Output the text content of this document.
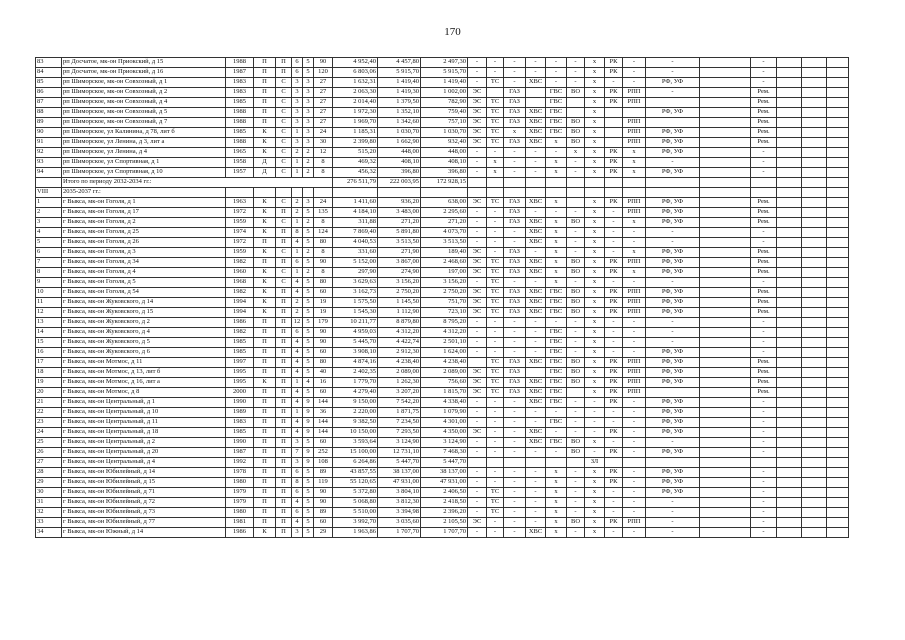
170
83	рп Досчатое, мк-он Приокский, д 15	1988	П	П	6	5	90	4 952,40	4 457,80	2 497,30	-	-	-	-	-	-	х	РК	-	-		-			
84	рп Досчатое, мк-он Приокский, д 16	1987	П	П	6	5	120	6 803,06	5 915,70	5 915,70	-	-	-	-	-	-	х	РК	-	-		-			
85	рп Шиморское, мк-он Совхозный, д 1	1983	П	С	3	3	27	1 632,31	1 419,40	1 419,40	-	ТС	-	ХВС	-	-	х	-	-	РФ, УФ		-			
86	рп Шиморское, мк-он Совхозный, д 2	1983	П	С	3	3	27	2 063,30	1 419,30	1 002,00	ЭС		ГАЗ		ГВС	ВО	х	РК	РПП	-		Рем.			
87	рп Шиморское, мк-он Совхозный, д 4	1985	П	С	3	3	27	2 014,40	1 379,50	782,90	ЭС	ТС	ГАЗ		ГВС		х	РК	РПП			Рем.			
88	рп Шиморское, мк-он Совхозный, д 5	1988	П	С	3	3	27	1 972,30	1 352,10	759,40	ЭС	ТС	ГАЗ	ХВС	ГВС		х			РФ, УФ		Рем.			
89	рп Шиморское, мк-он Совхозный, д 7	1988	П	С	3	3	27	1 969,70	1 342,60	757,10	ЭС	ТС	ГАЗ	ХВС	ГВС	ВО	х		РПП			Рем.			
90	рп Шиморское, ул Калинина, д 78, лит б	1985	К	С	1	3	24	1 185,31	1 030,70	1 030,70	ЭС	ТС	х	ХВС	ГВС	ВО	х		РПП	РФ, УФ		Рем.			
91	рп Шиморское, ул Ленина, д 3, лит а	1988	К	С	3	3	30	2 399,80	1 662,90	932,40	ЭС	ТС	ГАЗ	ХВС	х	ВО	х		РПП	РФ, УФ		Рем.			
92	рп Шиморское, ул Ленина, д 4	1965	К	С	2	2	12	515,20	448,00	448,00	-	-	-	-	-	х	х	РК	х	РФ, УФ		-			
93	рп Шиморское, ул Спортивная, д 1	1958	Д	С	1	2	8	469,32	408,10	408,10	-	х	-	-	х	-	х	РК	х	-		-			
94	рп Шиморское, ул Спортивная, д 10	1957	Д	С	1	2	8	456,32	396,80	396,80	-	х	-	-	х	-	х	РК	х	РФ, УФ		-			
	Итого по периоду 2032-2034 гг.:							276 511,79	222 003,95	172 928,15															
VIII	2035-2037 гг.:																								
1	г Выкса, мк-он Гоголя, д 1	1963	К	С	2	3	24	1 411,60	936,20	638,00	ЭС	ТС	ГАЗ	ХВС	х		х	РК	РПП	РФ, УФ		Рем.			
2	г Выкса, мк-он Гоголя, д 17	1972	К	П	2	5	135	4 184,10	3 483,00	2 295,60	-	-	ГАЗ	-	-	-	х	-	РПП	РФ, УФ		Рем.			
3	г Выкса, мк-он Гоголя, д 2	1959	К	С	1	2	8	311,88	271,20	271,20	-	-	ГАЗ	ХВС	х	ВО	х	-	х	РФ, УФ		Рем.			
4	г Выкса, мк-он Гоголя, д 25	1974	К	П	8	5	124	7 869,40	5 891,80	4 073,70	-	-	-	ХВС	х	-	х	-	-	-		-			
5	г Выкса, мк-он Гоголя, д 26	1972	П	П	4	5	80	4 040,53	3 513,50	3 513,50	-	-	-	ХВС	х	-	х	-	-	-		-			
6	г Выкса, мк-он Гоголя, д 3	1959	К	С	1	2	8	331,60	271,90	189,40	ЭС	-	ГАЗ	-	х	-	х	-	х	РФ, УФ		Рем.			
7	г Выкса, мк-он Гоголя, д 34	1982	П	П	6	5	90	5 152,00	3 867,00	2 468,60	ЭС	ТС	ГАЗ	ХВС	х	ВО	х	РК	РПП	РФ, УФ		Рем.			
8	г Выкса, мк-он Гоголя, д 4	1960	К	С	1	2	8	297,90	274,90	197,00	ЭС	ТС	ГАЗ	ХВС	х	ВО	х	РК	х	РФ, УФ		Рем.			
9	г Выкса, мк-он Гоголя, д 5	1968	К	С	4	5	80	3 629,63	3 156,20	3 156,20	-	ТС	-	-	х	-	х	-	-	-		-			
10	г Выкса, мк-он Гоголя, д 54	1982	К	П	4	5	60	3 162,73	2 750,20	2 750,20	ЭС	ТС	ГАЗ	ХВС	ГВС	ВО	х	РК	РПП	РФ, УФ		Рем.			
11	г Выкса, мк-он Жуковского, д 14	1994	К	П	2	5	19	1 575,50	1 145,50	751,70	ЭС	ТС	ГАЗ	ХВС	ГВС	ВО	х	РК	РПП	РФ, УФ		Рем.			
12	г Выкса, мк-он Жуковского, д 15	1994	К	П	2	5	19	1 545,30	1 112,90	723,10	ЭС	ТС	ГАЗ	ХВС	ГВС	ВО	х	РК	РПП	РФ, УФ		Рем.			
13	г Выкса, мк-он Жуковского, д 2	1986	П	П	12	5	179	10 211,77	8 879,80	8 795,20	-	-	-	-	-	-	х	-	-	-		-			
14	г Выкса, мк-он Жуковского, д 4	1982	П	П	6	5	90	4 959,03	4 312,20	4 312,20	-	-	-	-	ГВС	-	х	-	-	-		-			
15	г Выкса, мк-он Жуковского, д 5	1985	П	П	4	5	90	5 445,70	4 422,74	2 501,10	-	-	-	-	ГВС	-	х	-	-	-		-			
16	г Выкса, мк-он Жуковского, д 6	1985	П	П	4	5	60	3 908,10	2 912,30	1 624,00	-	-	-	-	ГВС	-	х	-	-	РФ, УФ		-			
17	г Выкса, мк-он Мотмос, д 11	1997	П	П	4	5	80	4 874,16	4 238,40	4 238,40		ТС	ГАЗ	ХВС	ГВС	ВО	х	РК	РПП	РФ, УФ		Рем.			
18	г Выкса, мк-он Мотмос, д 13, лит б	1995	П	П	4	5	40	2 402,35	2 089,00	2 089,00	ЭС	ТС	ГАЗ		ГВС	ВО	х	РК	РПП	РФ, УФ		Рем.			
19	г Выкса, мк-он Мотмос, д 16, лит а	1995	К	П	1	4	16	1 779,70	1 262,30	756,60	ЭС	ТС	ГАЗ	ХВС	ГВС	ВО	х	РК	РПП	РФ, УФ		Рем.			
20	г Выкса, мк-он Мотмос, д 8	2000	П	П	4	5	60	4 279,40	3 207,20	1 815,70	ЭС	ТС	ГАЗ	ХВС	ГВС		х	РК	РПП			Рем.			
21	г Выкса, мк-он Центральный, д 1	1990	П	П	4	9	144	9 150,00	7 542,20	4 338,40	-	-	-	ХВС	ГВС	-	-	РК	-	РФ, УФ		-			
22	г Выкса, мк-он Центральный, д 10	1989	П	П	1	9	36	2 220,00	1 871,75	1 079,90	-	-	-	-	-	-	-	-	-	РФ, УФ		-			
23	г Выкса, мк-он Центральный, д 11	1983	П	П	4	9	144	9 382,50	7 234,50	4 301,00	-	-	-	-	ГВС	-	-	-	-	РФ, УФ		-			
24	г Выкса, мк-он Центральный, д 18	1985	П	П	4	9	144	10 150,00	7 293,50	4 350,00	ЭС	-	-	ХВС	-	-	-	РК	-	РФ, УФ		-			
25	г Выкса, мк-он Центральный, д 2	1990	П	П	3	5	60	3 593,64	3 124,90	3 124,90	-	-	-	ХВС	ГВС	ВО	х	-	-	-		-			
26	г Выкса, мк-он Центральный, д 20	1987	П	П	7	9	252	15 100,00	12 731,10	7 468,30	-	-	-	-	-	ВО	-	РК	-	РФ, УФ		-			
27	г Выкса, мк-он Центральный, д 4	1992	П	П	3	9	108	6 264,86	5 447,70	5 447,70							ЗЛ								
28	г Выкса, мк-он Юбилейный, д 14	1978	П	П	6	5	89	43 857,55	38 137,00	38 137,00	-	-	-	-	х	-	х	РК	-	РФ, УФ		-			
29	г Выкса, мк-он Юбилейный, д 15	1980	П	П	8	5	119	55 120,65	47 931,00	47 931,00	-	-	-	-	х	-	х	РК	-	РФ, УФ		-			
30	г Выкса, мк-он Юбилейный, д 71	1979	П	П	6	5	90	5 372,80	3 804,10	2 406,50	-	ТС	-	-	х	-	х	-	-	РФ, УФ		-			
31	г Выкса, мк-он Юбилейный, д 72	1979	П	П	4	5	90	5 068,80	3 812,30	2 418,50	-	ТС	-	-	х	-	х	-	-	-		-			
32	г Выкса, мк-он Юбилейный, д 73	1980	П	П	6	5	89	5 510,00	3 394,98	2 396,20	-	ТС	-	-	х	-	х	-	-	-		-			
33	г Выкса, мк-он Юбилейный, д 77	1981	П	П	4	5	60	3 992,70	3 035,60	2 105,50	ЭС	-	-	-	х	ВО	х	РК	РПП	-		-			
34	г Выкса, мк-он Южный, д 14	1986	К	П	3	5	29	1 963,86	1 707,70	1 707,70	-	-	-	ХВС	х	-	х	-	-	-		-			
